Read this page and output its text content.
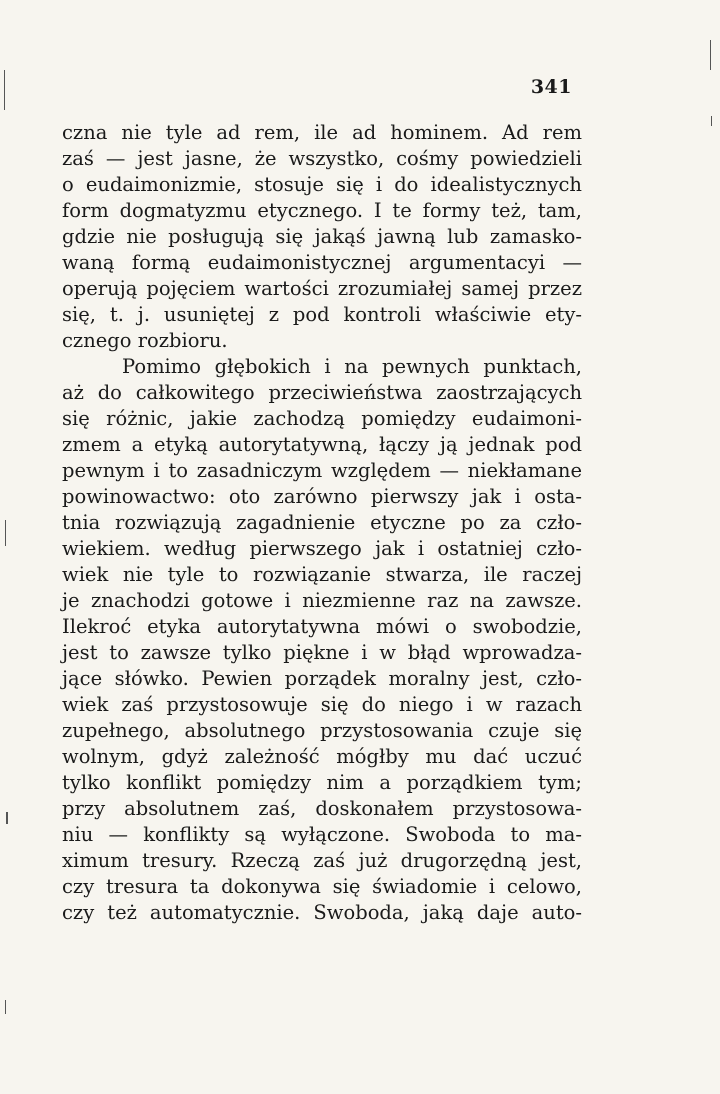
341
czna nie tyle ad rem, ile ad hominem. Ad rem
zaś — jest jasne, że wszystko, cośmy powiedzieli
o eudaimonizmie, stosuje się i do idealistycznych
form dogmatyzmu etycznego. I te formy też, tam,
gdzie nie posługują się jakąś jawną lub zamasko-
waną formą eudaimonistycznej argumentacyi —
operują pojęciem wartości zrozumiałej samej przez
się, t. j. usuniętej z pod kontroli właściwie ety-
cznego rozbioru.
Pomimo głębokich i na pewnych punktach,
aż do całkowitego przeciwieństwa zaostrzających
się różnic, jakie zachodzą pomiędzy eudaimoni-
zmem a etyką autorytatywną, łączy ją jednak pod
pewnym i to zasadniczym względem — niekłamane
powinowactwo: oto zarówno pierwszy jak i osta-
tnia rozwiązują zagadnienie etyczne po za czło-
wiekiem. według pierwszego jak i ostatniej czło-
wiek nie tyle to rozwiązanie stwarza, ile raczej
je znachodzi gotowe i niezmienne raz na zawsze.
Ilekroć etyka autorytatywna mówi o swobodzie,
jest to zawsze tylko piękne i w błąd wprowadza-
jące słówko. Pewien porządek moralny jest, czło-
wiek zaś przystosowuje się do niego i w razach
zupełnego, absolutnego przystosowania czuje się
wolnym, gdyż zależność mógłby mu dać uczuć
tylko konflikt pomiędzy nim a porządkiem tym;
przy absolutnem zaś, doskonałem przystosowa-
niu — konflikty są wyłączone. Swoboda to ma-
ximum tresury. Rzeczą zaś już drugorzędną jest,
czy tresura ta dokonywa się świadomie i celowo,
czy też automatycznie. Swoboda, jaką daje auto-
